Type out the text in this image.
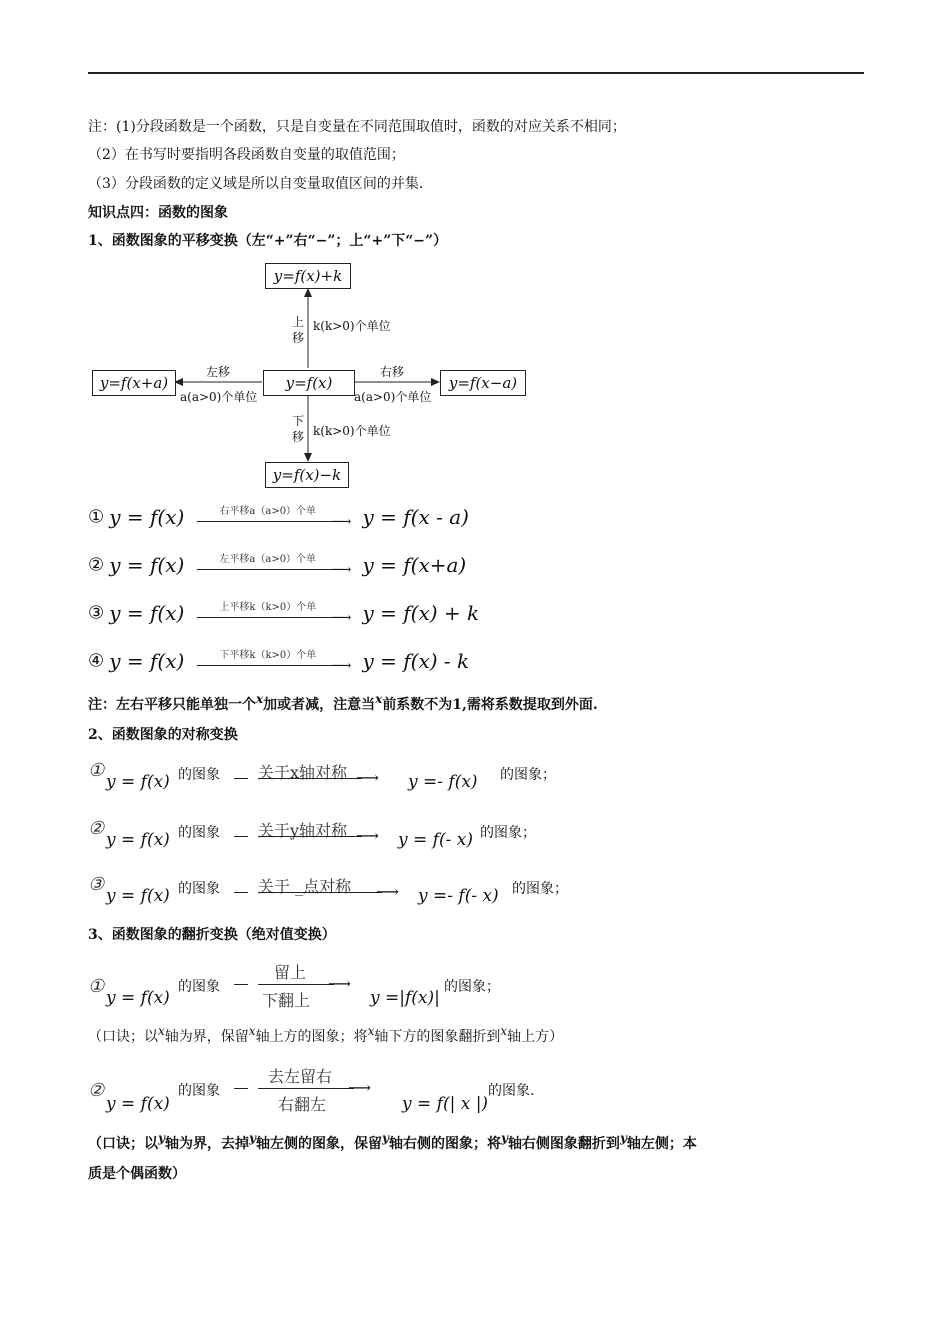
注：(1)分段函数是一个函数，只是自变量在不同范围取值时，函数的对应关系不相同；
（2）在书写时要指明各段函数自变量的取值范围；
（3）分段函数的定义域是所以自变量取值区间的并集.
知识点四：函数的图象
1、函数图象的平移变换（左“+”右“−”；上“+”下“−”）
y=f(x)+k
y=f(x)
y=f(x+a)	y=f(x−a)
y=f(x)−k
上
移
k(k>0)个单位
下
移 k(k>0)个单位
左移
a(a>0)个单位
右移
a(a>0)个单位
① y = f(x)	右平移a（a>0）个单
⟶ y = f(x - a)
② y = f(x)	左平移a（a>0）个单
⟶ y = f(x+a)
③ y = f(x)	上平移k（k>0）个单
⟶ y = f(x) + k
④ y = f(x)	下平移k（k>0）个单
⟶ y = f(x) - k
注：左右平移只能单独一个x加或者减，注意当x前系数不为1,需将系数提取到外面.
2、函数图象的对称变换
①
y = f(x) 的图象 关于x轴对称 ⟶ y =- f(x) 的图象；
②
y = f(x) 的图象 关于y轴对称 ⟶ y = f(- x) 的图象；
③
y = f(x) 的图象 关于 _点对称 ⟶ y =- f(- x) 的图象；
3、函数图象的翻折变换（绝对值变换）
①
y = f(x)
的图象
留上
⟶
下翻上	y =|f(x)|
的图象；
（口诀；以x轴为界，保留x轴上方的图象；将x轴下方的图象翻折到x轴上方）
②
y = f(x)
的图象
去左留右
⟶
右翻左	y = f(| x |)
的图象.
（口诀；以y轴为界，去掉y轴左侧的图象，保留y轴右侧的图象；将y轴右侧图象翻折到y轴左侧；本
质是个偶函数）
